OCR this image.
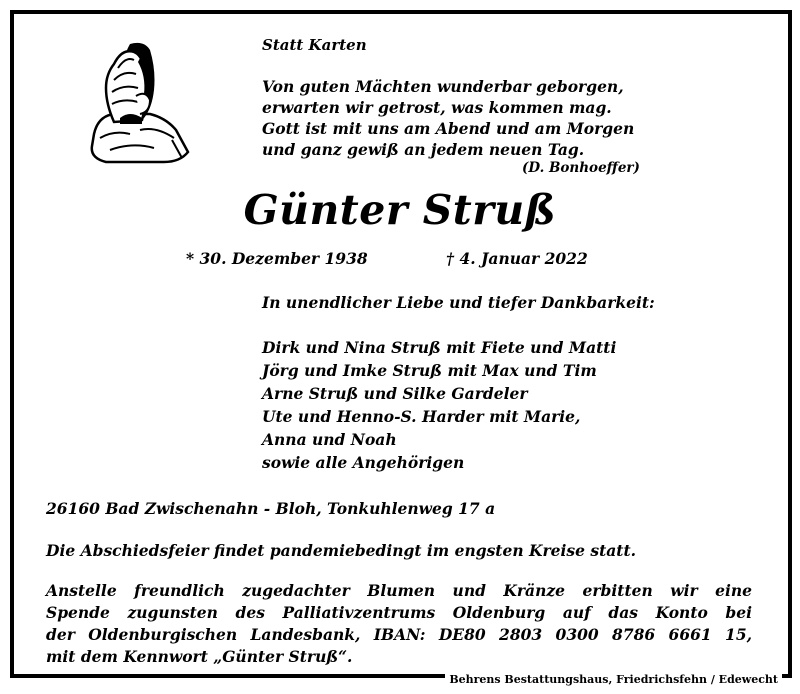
Statt Karten

Von guten Mächten wunderbar geborgen,
erwarten wir getrost, was kommen mag.
Gott ist mit uns am Abend und am Morgen
und ganz gewiß an jedem neuen Tag.

(D. Bonhoeffer)

Günter Struß

* 30. Dezember 1938	† 4. Januar 2022

In unendlicher Liebe und tiefer Dankbarkeit:

Dirk und Nina Struß mit Fiete und Matti
Jörg und Imke Struß mit Max und Tim
Arne Struß und Silke Gardeler
Ute und Henno-S. Harder mit Marie,
Anna und Noah
sowie alle Angehörigen

26160 Bad Zwischenahn - Bloh, Tonkuhlenweg 17 a

Die Abschiedsfeier findet pandemiebedingt im engsten Kreise statt.

Anstelle freundlich zugedachter Blumen und Kränze erbitten wir eine
Spende zugunsten des Palliativzentrums Oldenburg auf das Konto bei
der Oldenburgischen Landesbank, IBAN: DE80 2803 0300 8786 6661 15,
mit dem Kennwort „Günter Struß“.

Behrens Bestattungshaus, Friedrichsfehn / Edewecht
